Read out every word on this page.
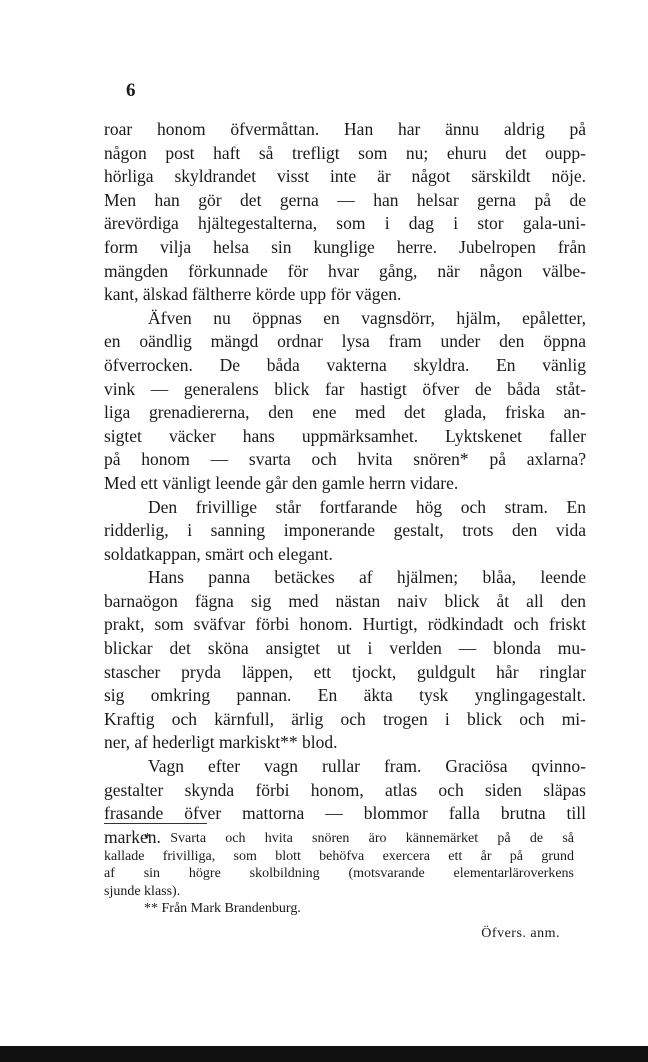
6
roar honom öfvermåttan. Han har ännu aldrig på
någon post haft så trefligt som nu; ehuru det oupp-
hörliga skyldrandet visst inte är något särskildt nöje.
Men han gör det gerna — han helsar gerna på de
ärevördiga hjältegestalterna, som i dag i stor gala-uni-
form vilja helsa sin kunglige herre. Jubelropen från
mängden förkunnade för hvar gång, när någon välbe-
kant, älskad fältherre körde upp för vägen.
Äfven nu öppnas en vagnsdörr, hjälm, epåletter,
en oändlig mängd ordnar lysa fram under den öppna
öfverrocken. De båda vakterna skyldra. En vänlig
vink — generalens blick far hastigt öfver de båda ståt-
liga grenadiererna, den ene med det glada, friska an-
sigtet väcker hans uppmärksamhet. Lyktskenet faller
på honom — svarta och hvita snören* på axlarna?
Med ett vänligt leende går den gamle herrn vidare.
Den frivillige står fortfarande hög och stram. En
ridderlig, i sanning imponerande gestalt, trots den vida
soldatkappan, smärt och elegant.
Hans panna betäckes af hjälmen; blåa, leende
barnaögon fägna sig med nästan naiv blick åt all den
prakt, som sväfvar förbi honom. Hurtigt, rödkindadt och friskt
blickar det sköna ansigtet ut i verlden — blonda mu-
stascher pryda läppen, ett tjockt, guldgult hår ringlar
sig omkring pannan. En äkta tysk ynglingagestalt.
Kraftig och kärnfull, ärlig och trogen i blick och mi-
ner, af hederligt markiskt** blod.
Vagn efter vagn rullar fram. Graciösa qvinno-
gestalter skynda förbi honom, atlas och siden släpas
frasande öfver mattorna — blommor falla brutna till
marken.
* Svarta och hvita snören äro kännemärket på de så
kallade frivilliga, som blott behöfva exercera ett år på grund
af sin högre skolbildning (motsvarande elementarläroverkens
sjunde klass).
** Från Mark Brandenburg.
Öfvers. anm.
